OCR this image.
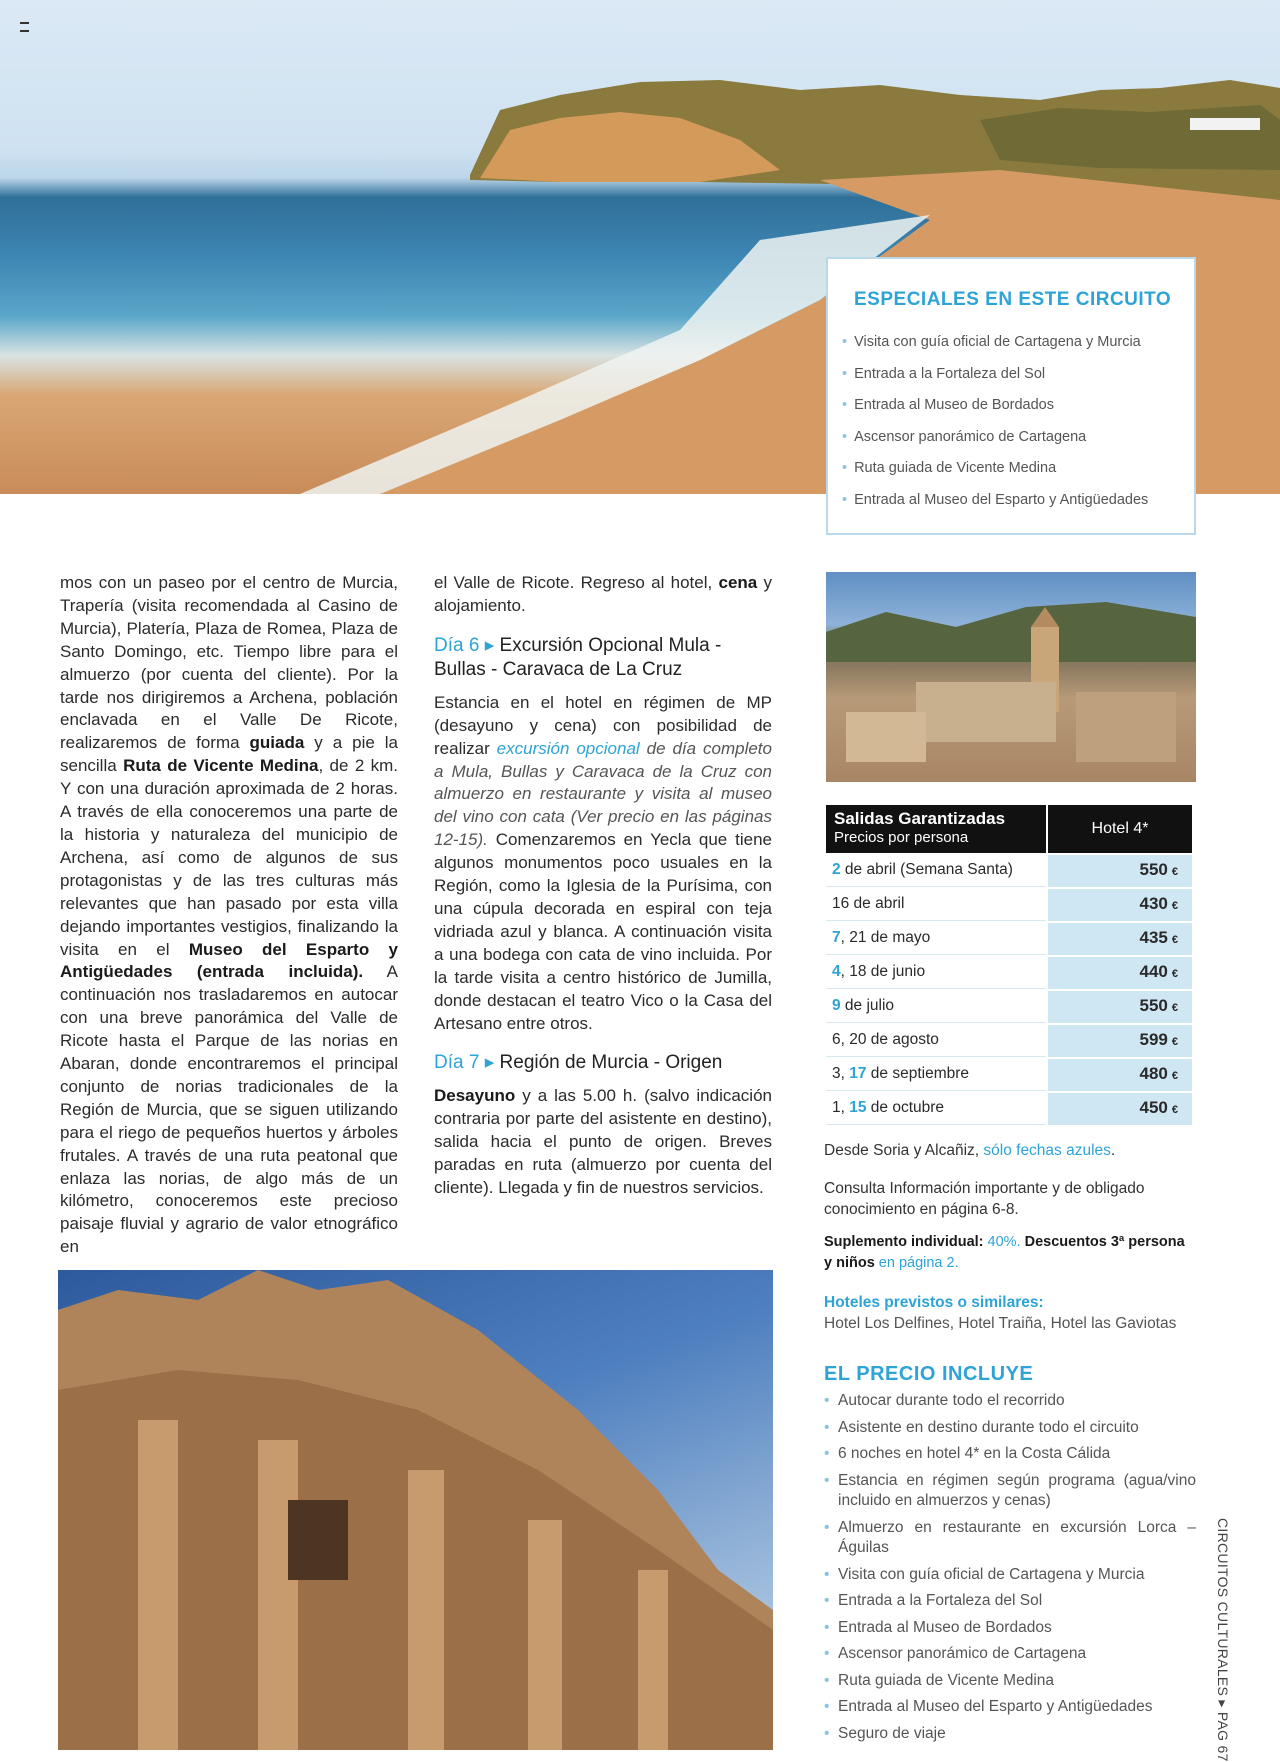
ESPECIALES EN ESTE CIRCUITO
• Visita con guía oficial de Cartagena y Murcia
• Entrada a la Fortaleza del Sol
• Entrada al Museo de Bordados
• Ascensor panorámico de Cartagena
• Ruta guiada de Vicente Medina
• Entrada al Museo del Esparto y Antigüedades

mos con un paseo por el centro de Murcia, Trapería (visita recomendada al Casino de Murcia), Platería, Plaza de Romea, Plaza de Santo Domingo, etc. Tiempo libre para el almuerzo (por cuenta del cliente). Por la tarde nos dirigiremos a Archena, población enclavada en el Valle De Ricote, realizaremos de forma guiada y a pie la sencilla Ruta de Vicente Medina, de 2 km. Y con una duración aproximada de 2 horas. A través de ella conoceremos una parte de la historia y naturaleza del municipio de Archena, así como de algunos de sus protagonistas y de las tres culturas más relevantes que han pasado por esta villa dejando importantes vestigios, finalizando la visita en el Museo del Esparto y Antigüedades (entrada incluida). A continuación nos trasladaremos en autocar con una breve panorámica del Valle de Ricote hasta el Parque de las norias en Abaran, donde encontraremos el principal conjunto de norias tradicionales de la Región de Murcia, que se siguen utilizando para el riego de pequeños huertos y árboles frutales. A través de una ruta peatonal que enlaza las norias, de algo más de un kilómetro, conoceremos este precioso paisaje fluvial y agrario de valor etnográfico en

el Valle de Ricote. Regreso al hotel, cena y alojamiento.

Día 6 ▸ Excursión Opcional Mula -Bullas - Caravaca de La Cruz

Estancia en el hotel en régimen de MP (desayuno y cena) con posibilidad de realizar excursión opcional de día completo a Mula, Bullas y Caravaca de la Cruz con almuerzo en restaurante y visita al museo del vino con cata (Ver precio en las páginas 12-15). Comenzaremos en Yecla que tiene algunos monumentos poco usuales en la Región, como la Iglesia de la Purísima, con una cúpula decorada en espiral con teja vidriada azul y blanca. A continuación visita a una bodega con cata de vino incluida. Por la tarde visita a centro histórico de Jumilla, donde destacan el teatro Vico o la Casa del Artesano entre otros.

Día 7 ▸ Región de Murcia - Origen

Desayuno y a las 5.00 h. (salvo indicación contraria por parte del asistente en destino), salida hacia el punto de origen. Breves paradas en ruta (almuerzo por cuenta del cliente). Llegada y fin de nuestros servicios.

Salidas Garantizadas
Precios por persona
Hotel 4*
2 de abril (Semana Santa)	550 €
16 de abril	430 €
7, 21 de mayo	435 €
4, 18 de junio	440 €
9 de julio	550 €
6, 20 de agosto	599 €
3, 17 de septiembre	480 €
1, 15 de octubre	450 €
Desde Soria y Alcañiz, sólo fechas azules.
Consulta Información importante y de obligado conocimiento en página 6-8.
Suplemento individual: 40%. Descuentos 3ª persona y niños en página 2.
Hoteles previstos o similares:
Hotel Los Delfines, Hotel Traiña, Hotel las Gaviotas
EL PRECIO INCLUYE
• Autocar durante todo el recorrido
• Asistente en destino durante todo el circuito
• 6 noches en hotel 4* en la Costa Cálida
• Estancia en régimen según programa (agua/vino incluido en almuerzos y cenas)
• Almuerzo en restaurante en excursión Lorca – Águilas
• Visita con guía oficial de Cartagena y Murcia
• Entrada a la Fortaleza del Sol
• Entrada al Museo de Bordados
• Ascensor panorámico de Cartagena
• Ruta guiada de Vicente Medina
• Entrada al Museo del Esparto y Antigüedades
• Seguro de viaje	CIRCUITOS CULTURALES ▸ PAG 67
